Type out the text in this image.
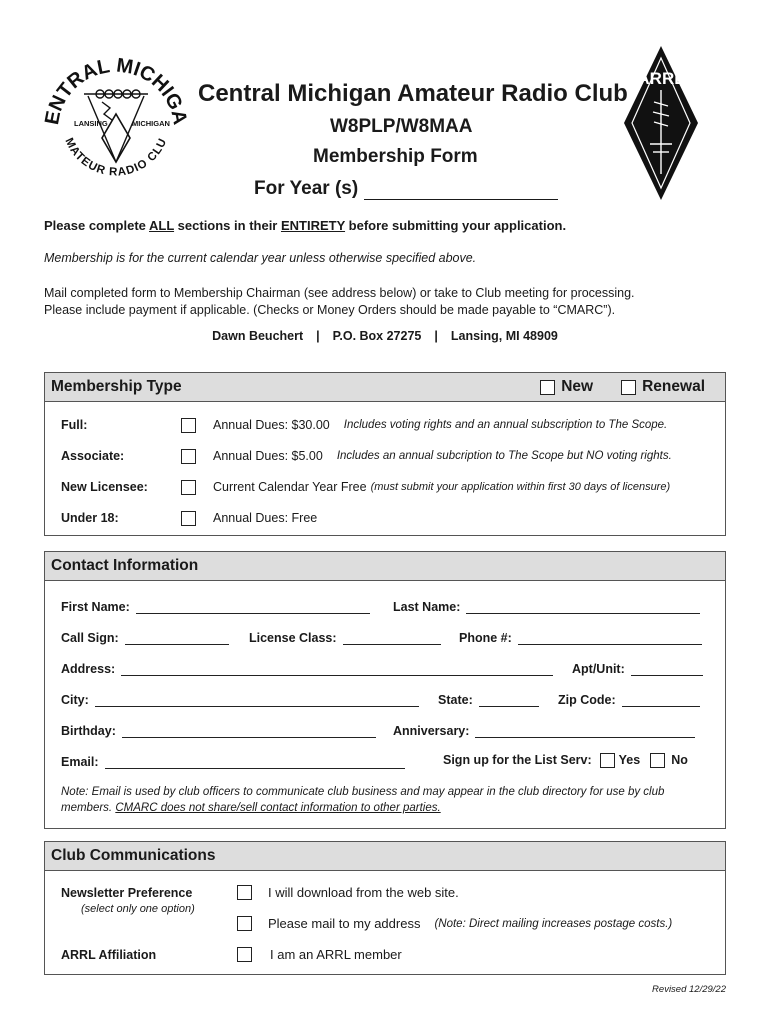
ENTRAL MICHIGA
MATEUR RADIO CLU
LANSING	MICHIGAN
Central Michigan Amateur Radio Club
W8PLP/W8MAA
Membership Form
For Year (s)
ARRL
Please complete ALL sections in their ENTIRETY before submitting your application.
Membership is for the current calendar year unless otherwise specified above.
Mail completed form to Membership Chairman (see address below) or take to Club meeting for processing.
Please include payment if applicable. (Checks or Money Orders should be made payable to “CMARC”).
Dawn Beuchert | P.O. Box 27275 | Lansing, MI 48909
Membership Type	New	Renewal
Full:	Annual Dues: $30.00 Includes voting rights and an annual subscription to The Scope.
Associate:	Annual Dues: $5.00 Includes an annual subcription to The Scope but NO voting rights.
New Licensee:	Current Calendar Year Free (must submit your application within first 30 days of licensure)
Under 18:	Annual Dues: Free
Contact Information
First Name:	Last Name:
Call Sign:	License Class:	Phone #:
Address:	Apt/Unit:
City:	State:	Zip Code:
Birthday:	Anniversary:
Email:	Sign up for the List Serv: Yes No
Note: Email is used by club officers to communicate club business and may appear in the club directory for use by club
members. CMARC does not share/sell contact information to other parties.
Club Communications
Newsletter Preference
(select only one option)
I will download from the web site.
Please mail to my address (Note: Direct mailing increases postage costs.)
ARRL Affiliation	I am an ARRL member
Revised 12/29/22
